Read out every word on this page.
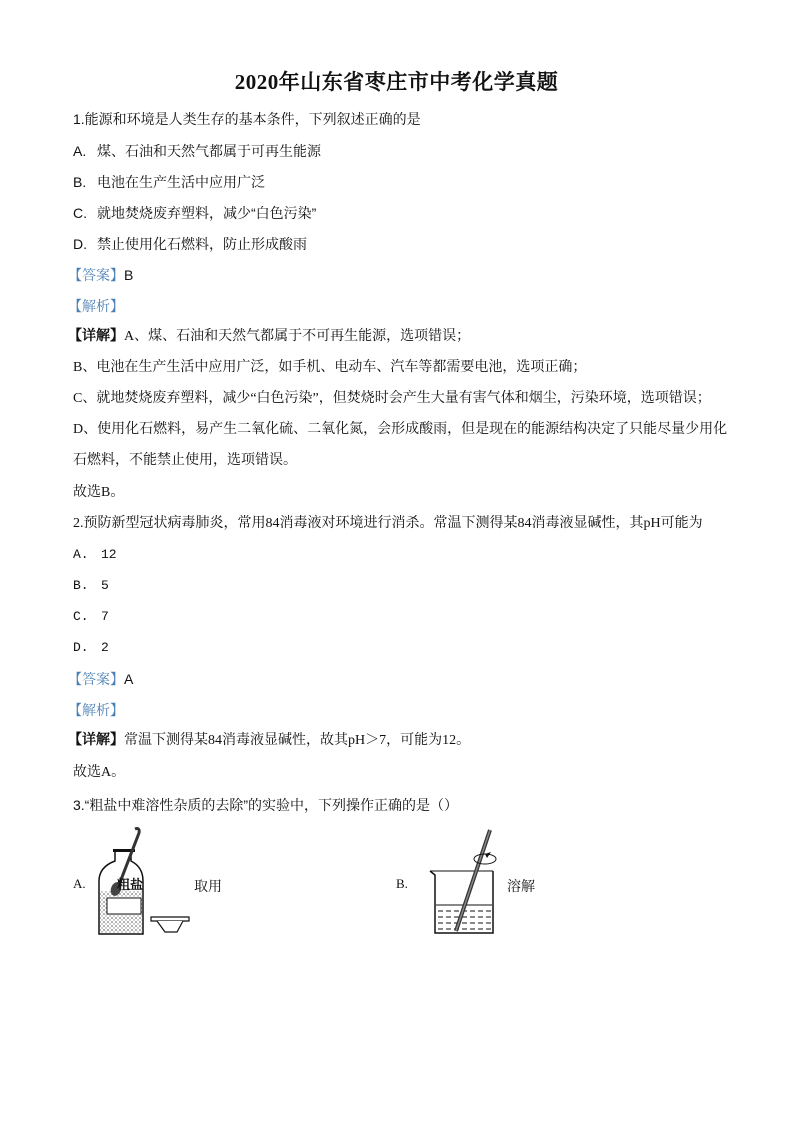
2020年山东省枣庄市中考化学真题
1.能源和环境是人类生存的基本条件，下列叙述正确的是
A. 煤、石油和天然气都属于可再生能源
B. 电池在生产生活中应用广泛
C. 就地焚烧废弃塑料，减少“白色污染”
D. 禁止使用化石燃料，防止形成酸雨
【答案】B
【解析】
【详解】A、煤、石油和天然气都属于不可再生能源，选项错误；
B、电池在生产生活中应用广泛，如手机、电动车、汽车等都需要电池，选项正确；
C、就地焚烧废弃塑料，减少“白色污染”，但焚烧时会产生大量有害气体和烟尘，污染环境，选项错误；
D、使用化石燃料，易产生二氧化硫、二氧化氮，会形成酸雨，但是现在的能源结构决定了只能尽量少用化
石燃料，不能禁止使用，选项错误。
故选B。
2.预防新型冠状病毒肺炎，常用84消毒液对环境进行消杀。常温下测得某84消毒液显碱性，其pH可能为
A. 12
B. 5
C. 7
D. 2
【答案】A
【解析】
【详解】常温下测得某84消毒液显碱性，故其pH＞7，可能为12。
故选A。
3.“粗盐中难溶性杂质的去除”的实验中，下列操作正确的是（）
A. 粗盐	取用	B.	溶解
